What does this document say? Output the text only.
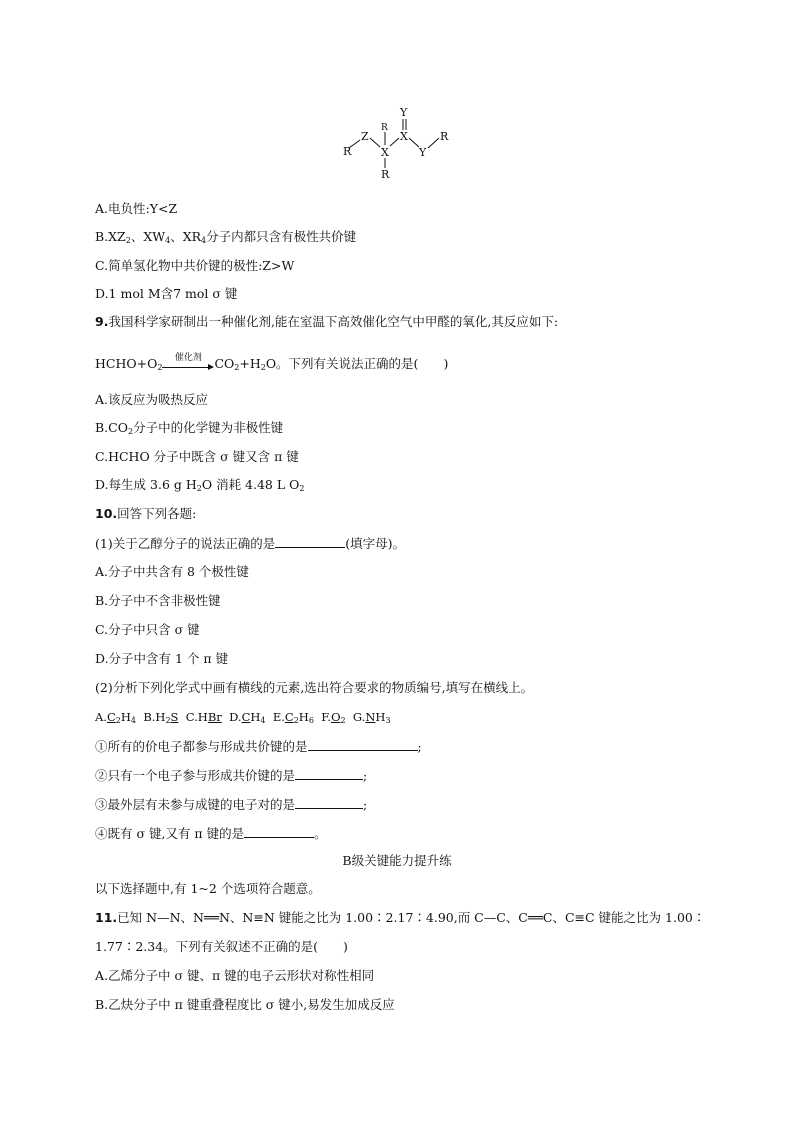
Y
R
X
Z
X	Y
R
R
R
A.电负性:Y<Z
$B.XZ_2$、$XW_4$、$XR_4$分子内都只含有极性共价键
C.简单氢化物中共价键的极性:Z>W
D.1 mol M含7 mol σ 键
9.我国科学家研制出一种催化剂,能在室温下高效催化空气中甲醛的氧化,其反应如下:
$HCHO+O_2$
催化剂	$CO_2+H_2O$。下列有关说法正确的是(　　)
A.该反应为吸热反应
$B.CO_2$分子中的化学键为非极性键
C.HCHO 分子中既含 σ 键又含 π 键
D.每生成 3.6 g $H_2O$ 消耗 4.48 L $O_2$
10.回答下列各题:
(1)关于乙醇分子的说法正确的是	(填字母)。
A.分子中共含有 8 个极性键
B.分子中不含非极性键
C.分子中只含 σ 键
D.分子中含有 1 个 π 键
(2)分析下列化学式中画有横线的元素,选出符合要求的物质编号,填写在横线上。
$A.C_2H_4$ $B.H_2S$ C.HBr $D.CH_4$ $E.C_2H_6$ $F.O_2$ $G.NH_3$
①所有的价电子都参与形成共价键的是	;
②只有一个电子参与形成共价键的是	;
③最外层有未参与成键的电子对的是	;
④既有 σ 键,又有 π 键的是	。
B级关键能力提升练
以下选择题中,有 1~2 个选项符合题意。
11.已知 N—N、N══N、N≡N 键能之比为 1.00∶2.17∶4.90,而 C—C、C══C、C≡C 键能之比为 1.00∶
1.77∶2.34。下列有关叙述不正确的是(　　)
A.乙烯分子中 σ 键、π 键的电子云形状对称性相同
B.乙炔分子中 π 键重叠程度比 σ 键小,易发生加成反应
